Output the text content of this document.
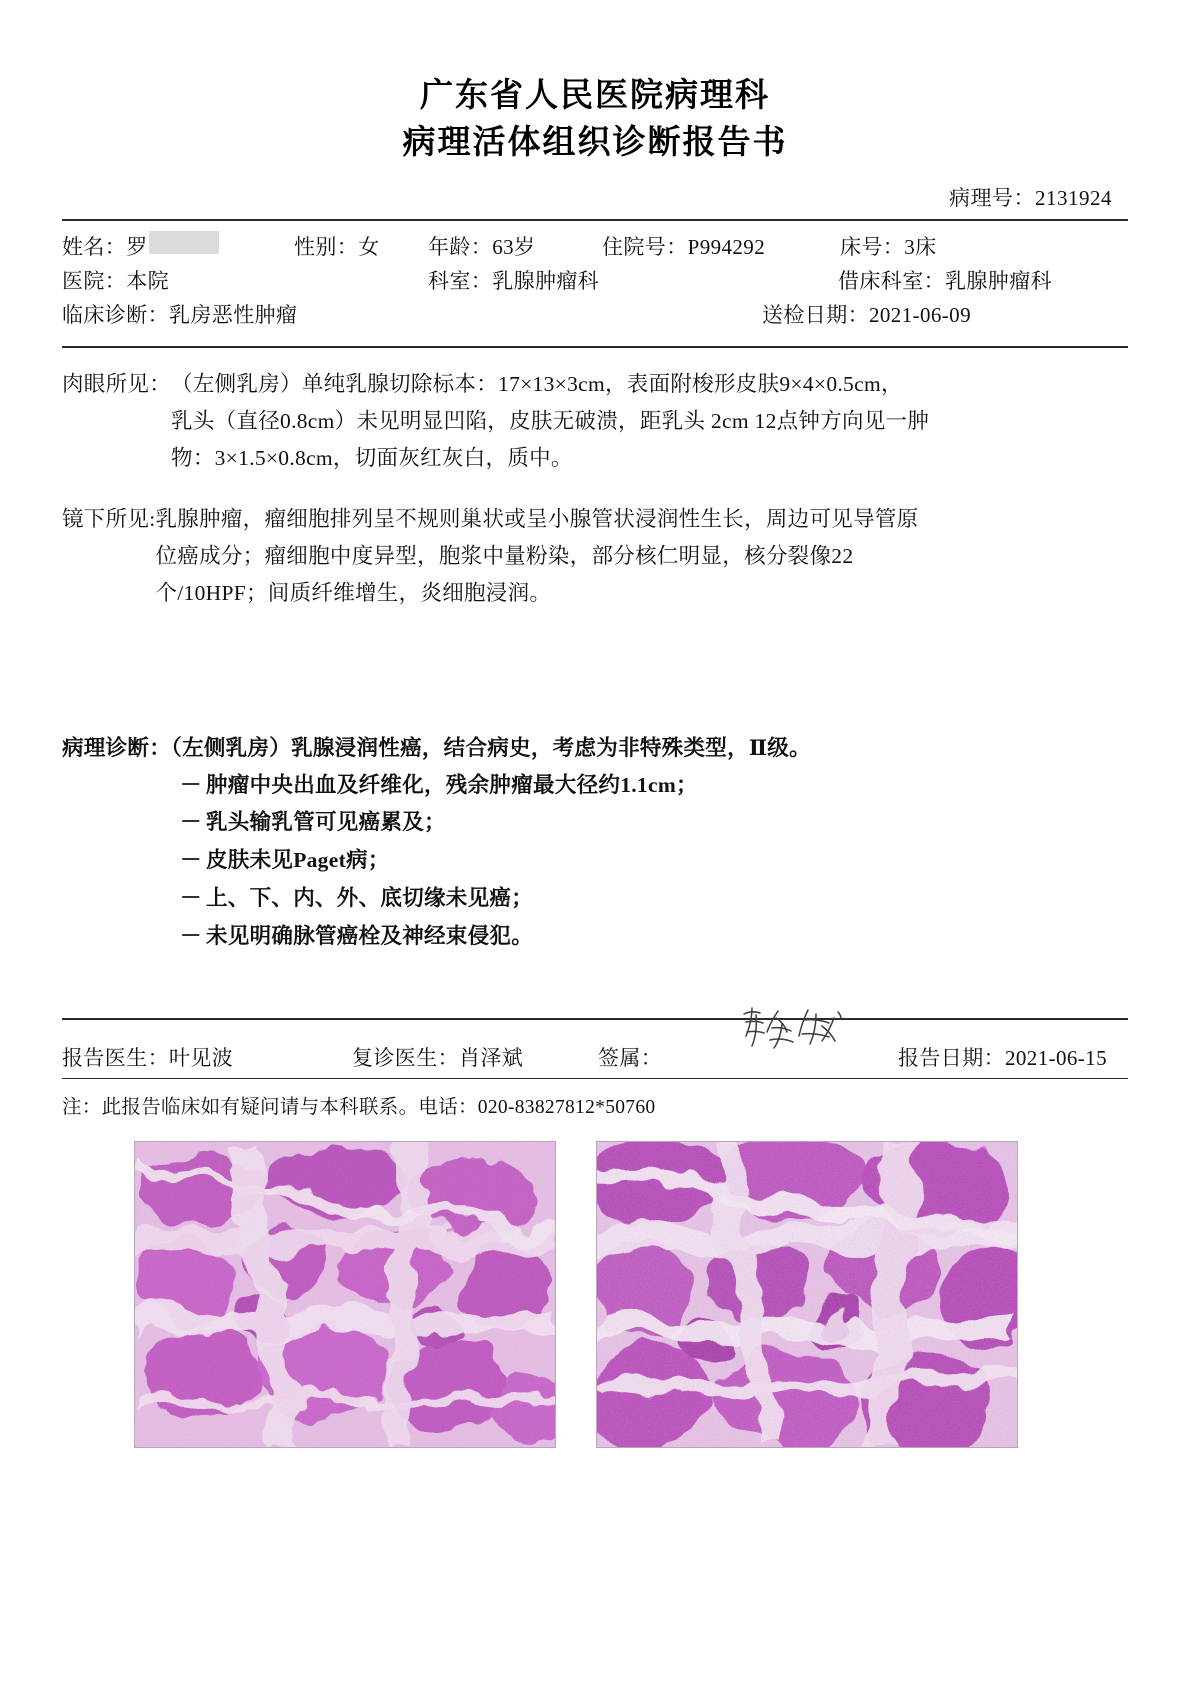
广东省人民医院病理科
病理活体组织诊断报告书
病理号：2131924
姓名： 罗	性别：女	年龄：63岁	住院号：P994292	床号：3床
医院：本院	科室：乳腺肿瘤科	借床科室：乳腺肿瘤科
临床诊断：乳房恶性肿瘤	送检日期：2021-06-09
肉眼所见： （左侧乳房）单纯乳腺切除标本：17×13×3cm，表面附梭形皮肤9×4×0.5cm，

乳头（直径0.8cm）未见明显凹陷，皮肤无破溃，距乳头 2cm 12点钟方向见一肿

物：3×1.5×0.8cm，切面灰红灰白，质中。

镜下所见: 乳腺肿瘤，瘤细胞排列呈不规则巢状或呈小腺管状浸润性生长，周边可见导管原

位癌成分；瘤细胞中度异型，胞浆中量粉染，部分核仁明显，核分裂像22

个/10HPF；间质纤维增生，炎细胞浸润。

病理诊断：（左侧乳房）乳腺浸润性癌，结合病史，考虑为非特殊类型，Ⅱ级。
－ 肿瘤中央出血及纤维化，残余肿瘤最大径约1.1cm；
－ 乳头输乳管可见癌累及；
－ 皮肤未见Paget病；
－ 上、下、内、外、底切缘未见癌；
－ 未见明确脉管癌栓及神经束侵犯。
报告医生：叶见波	复诊医生：肖泽斌	签属：	报告日期：2021-06-15
注：此报告临床如有疑问请与本科联系。电话：020-83827812*50760
